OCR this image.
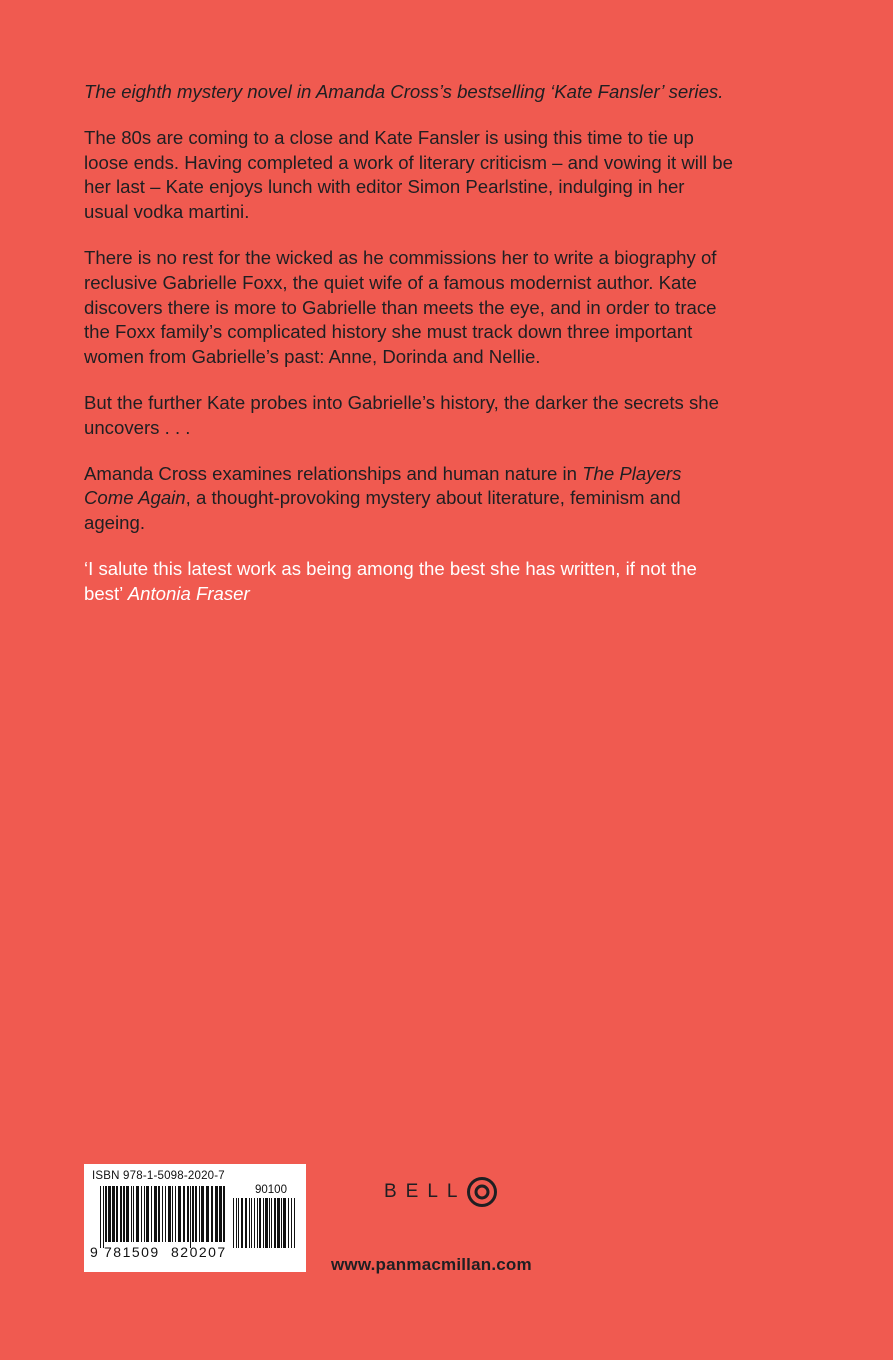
The eighth mystery novel in Amanda Cross’s bestselling ‘Kate Fansler’ series.

The 80s are coming to a close and Kate Fansler is using this time to tie up loose ends. Having completed a work of literary criticism – and vowing it will be her last – Kate enjoys lunch with editor Simon Pearlstine, indulging in her usual vodka martini.

There is no rest for the wicked as he commissions her to write a biography of reclusive Gabrielle Foxx, the quiet wife of a famous modernist author. Kate discovers there is more to Gabrielle than meets the eye, and in order to trace the Foxx family’s complicated history she must track down three important women from Gabrielle’s past: Anne, Dorinda and Nellie.

But the further Kate probes into Gabrielle’s history, the darker the secrets she uncovers . . .

Amanda Cross examines relationships and human nature in The Players Come Again, a thought-provoking mystery about literature, feminism and ageing.

‘I salute this latest work as being among the best she has written, if not the best’ Antonia Fraser

ISBN 978-1-5098-2020-7
90100
9 781509 820207
BELL
www.panmacmillan.com
